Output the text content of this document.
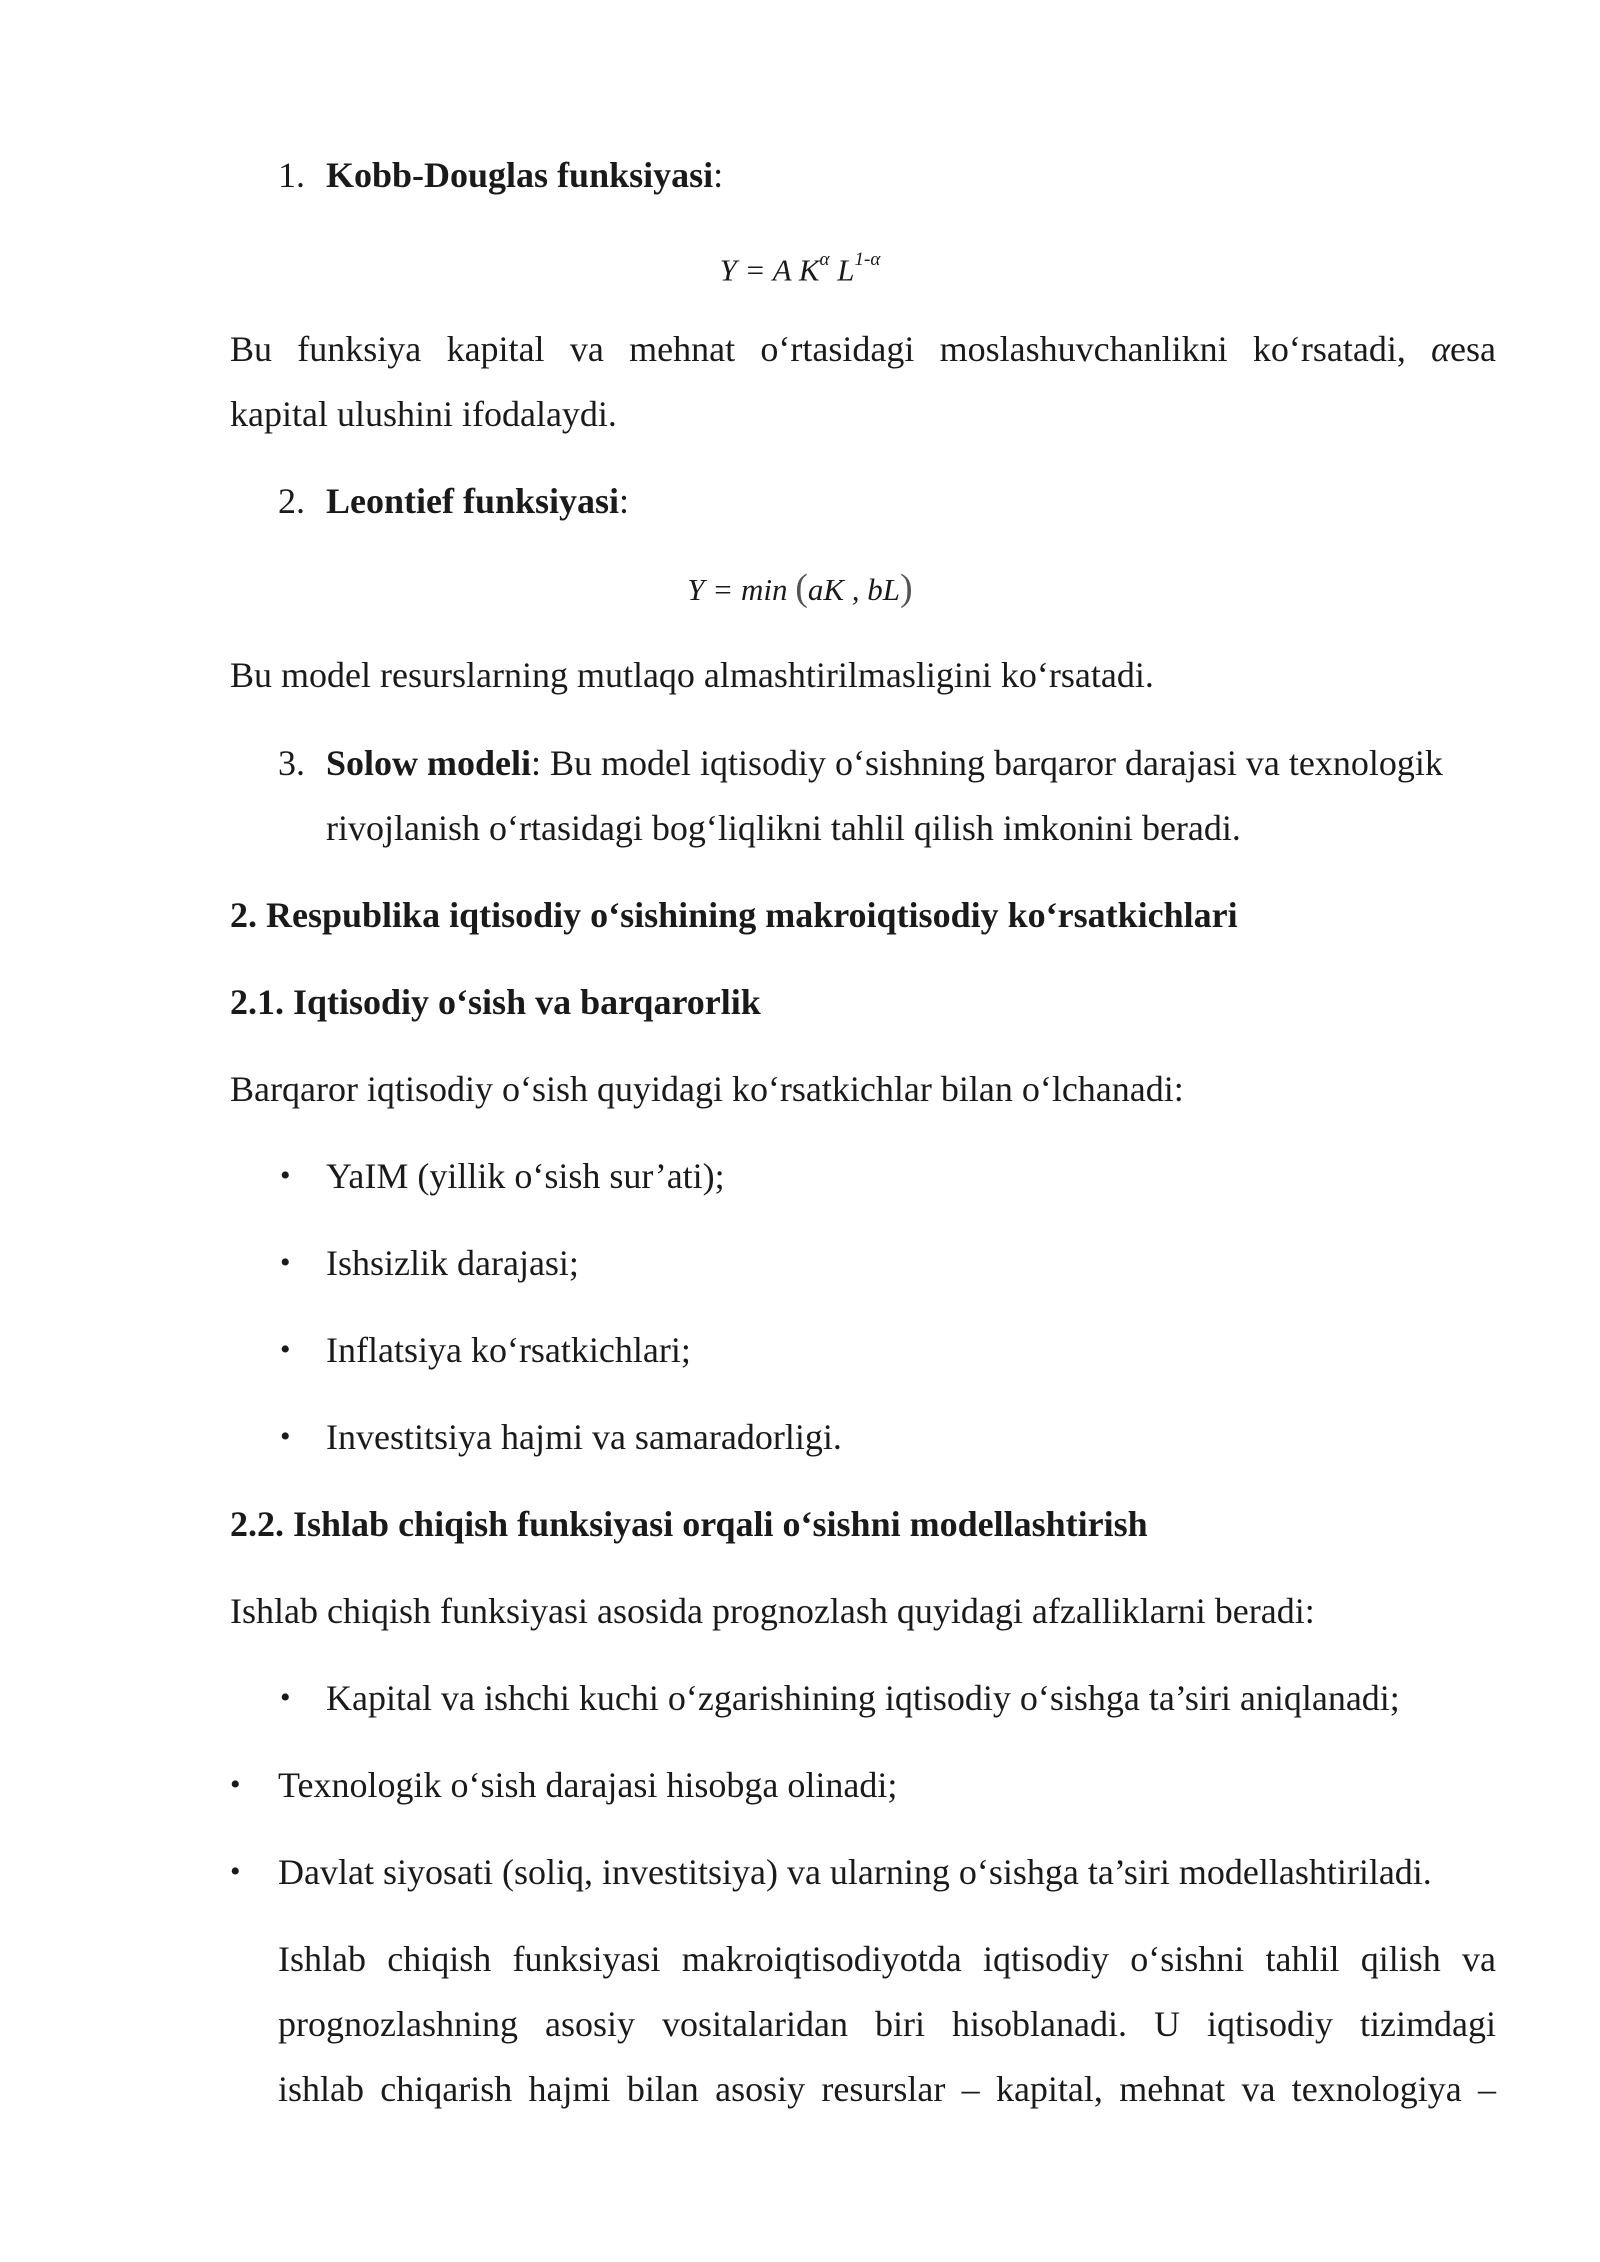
1. Kobb-Douglas funksiyasi:
Y = A $K^\alpha$ $L^{1-\alpha}$
Bu funksiya kapital va mehnat o‘rtasidagi moslashuvchanlikni ko‘rsatadi, αesa
kapital ulushini ifodalaydi.
2. Leontief funksiyasi:
Y = min (aK , bL)
Bu model resurslarning mutlaqo almashtirilmasligini ko‘rsatadi.
3. Solow modeli: Bu model iqtisodiy o‘sishning barqaror darajasi va texnologik
rivojlanish o‘rtasidagi bog‘liqlikni tahlil qilish imkonini beradi.
2. Respublika iqtisodiy o‘sishining makroiqtisodiy ko‘rsatkichlari
2.1. Iqtisodiy o‘sish va barqarorlik
Barqaror iqtisodiy o‘sish quyidagi ko‘rsatkichlar bilan o‘lchanadi:
• YaIM (yillik o‘sish sur’ati);
• Ishsizlik darajasi;
• Inflatsiya ko‘rsatkichlari;
• Investitsiya hajmi va samaradorligi.
2.2. Ishlab chiqish funksiyasi orqali o‘sishni modellashtirish
Ishlab chiqish funksiyasi asosida prognozlash quyidagi afzalliklarni beradi:
• Kapital va ishchi kuchi o‘zgarishining iqtisodiy o‘sishga ta’siri aniqlanadi;
• Texnologik o‘sish darajasi hisobga olinadi;
• Davlat siyosati (soliq, investitsiya) va ularning o‘sishga ta’siri modellashtiriladi.
Ishlab chiqish funksiyasi makroiqtisodiyotda iqtisodiy o‘sishni tahlil qilish va
prognozlashning asosiy vositalaridan biri hisoblanadi. U iqtisodiy tizimdagi
ishlab chiqarish hajmi bilan asosiy resurslar – kapital, mehnat va texnologiya –
